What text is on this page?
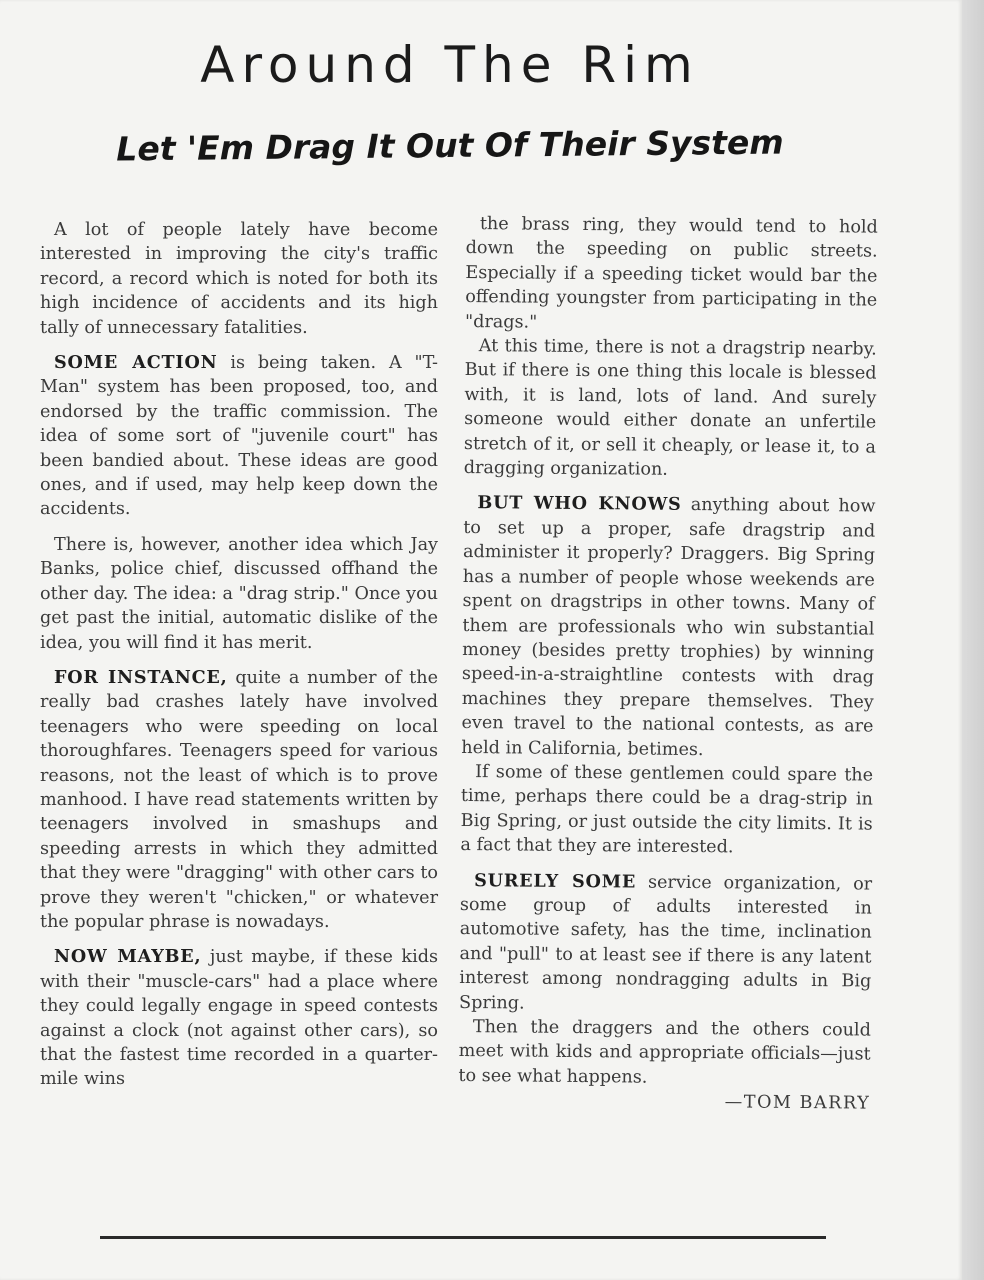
Around The Rim
Let 'Em Drag It Out Of Their System

A lot of people lately have become interested in improving the city's traffic record, a record which is noted for both its high incidence of accidents and its high tally of unnecessary fatalities.

SOME ACTION is being taken. A "T-Man" system has been proposed, too, and endorsed by the traffic commission. The idea of some sort of "juvenile court" has been bandied about. These ideas are good ones, and if used, may help keep down the accidents.

There is, however, another idea which Jay Banks, police chief, discussed offhand the other day. The idea: a "drag strip." Once you get past the initial, automatic dislike of the idea, you will find it has merit.

FOR INSTANCE, quite a number of the really bad crashes lately have involved teenagers who were speeding on local thoroughfares. Teenagers speed for various reasons, not the least of which is to prove manhood. I have read statements written by teenagers involved in smashups and speeding arrests in which they admitted that they were "dragging" with other cars to prove they weren't "chicken," or whatever the popular phrase is nowadays.

NOW MAYBE, just maybe, if these kids with their "muscle-cars" had a place where they could legally engage in speed contests against a clock (not against other cars), so that the fastest time recorded in a quarter-mile wins

the brass ring, they would tend to hold down the speeding on public streets. Especially if a speeding ticket would bar the offending youngster from participating in the "drags."

At this time, there is not a dragstrip nearby. But if there is one thing this locale is blessed with, it is land, lots of land. And surely someone would either donate an unfertile stretch of it, or sell it cheaply, or lease it, to a dragging organization.

BUT WHO KNOWS anything about how to set up a proper, safe dragstrip and administer it properly? Draggers. Big Spring has a number of people whose weekends are spent on dragstrips in other towns. Many of them are professionals who win substantial money (besides pretty trophies) by winning speed-in-a-straightline contests with drag machines they prepare themselves. They even travel to the national contests, as are held in California, betimes.

If some of these gentlemen could spare the time, perhaps there could be a drag-strip in Big Spring, or just outside the city limits. It is a fact that they are interested.

SURELY SOME service organization, or some group of adults interested in automotive safety, has the time, inclination and "pull" to at least see if there is any latent interest among nondragging adults in Big Spring.

Then the draggers and the others could meet with kids and appropriate officials—just to see what happens.

—TOM BARRY
